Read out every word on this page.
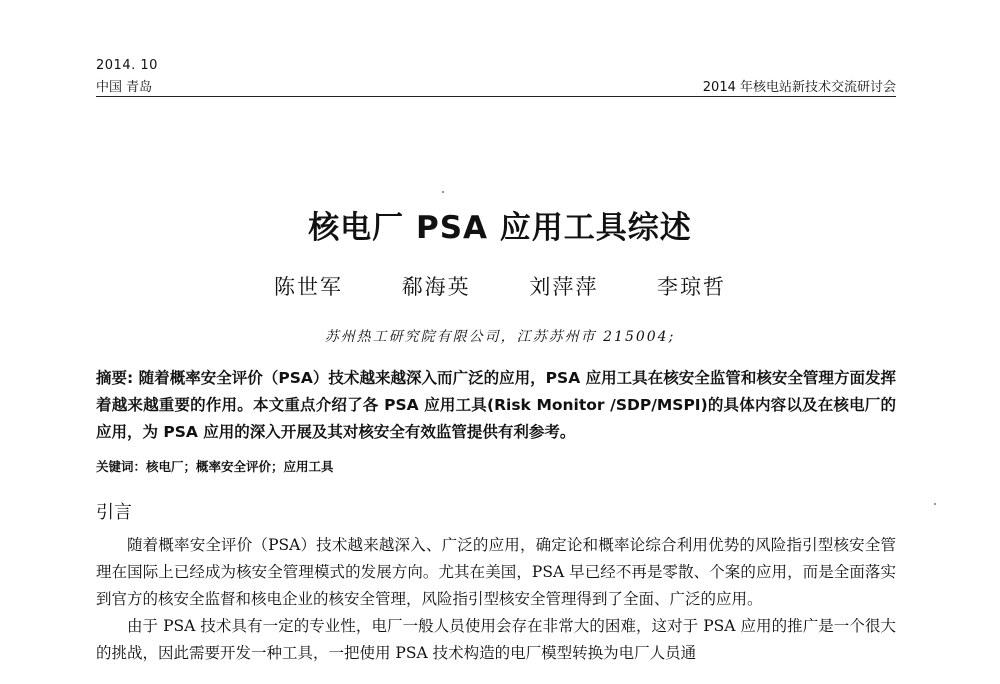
2014. 10
中国 青岛	2014 年核电站新技术交流研讨会
核电厂 PSA 应用工具综述
陈世军	郗海英	刘萍萍	李琼哲
苏州热工研究院有限公司，江苏苏州市 215004;
摘要: 随着概率安全评价（PSA）技术越来越深入而广泛的应用，PSA 应用工具在核安全监管和核安全管理方面发挥着越来越重要的作用。本文重点介绍了各 PSA 应用工具(Risk Monitor /SDP/MSPI)的具体内容以及在核电厂的应用，为 PSA 应用的深入开展及其对核安全有效监管提供有利参考。
关键词：核电厂；概率安全评价；应用工具
引言

随着概率安全评价（PSA）技术越来越深入、广泛的应用，确定论和概率论综合利用优势的风险指引型核安全管理在国际上已经成为核安全管理模式的发展方向。尤其在美国，PSA 早已经不再是零散、个案的应用，而是全面落实到官方的核安全监督和核电企业的核安全管理，风险指引型核安全管理得到了全面、广泛的应用。

由于 PSA 技术具有一定的专业性，电厂一般人员使用会存在非常大的困难，这对于 PSA 应用的推广是一个很大的挑战，因此需要开发一种工具，一把使用 PSA 技术构造的电厂模型转换为电厂人员通
